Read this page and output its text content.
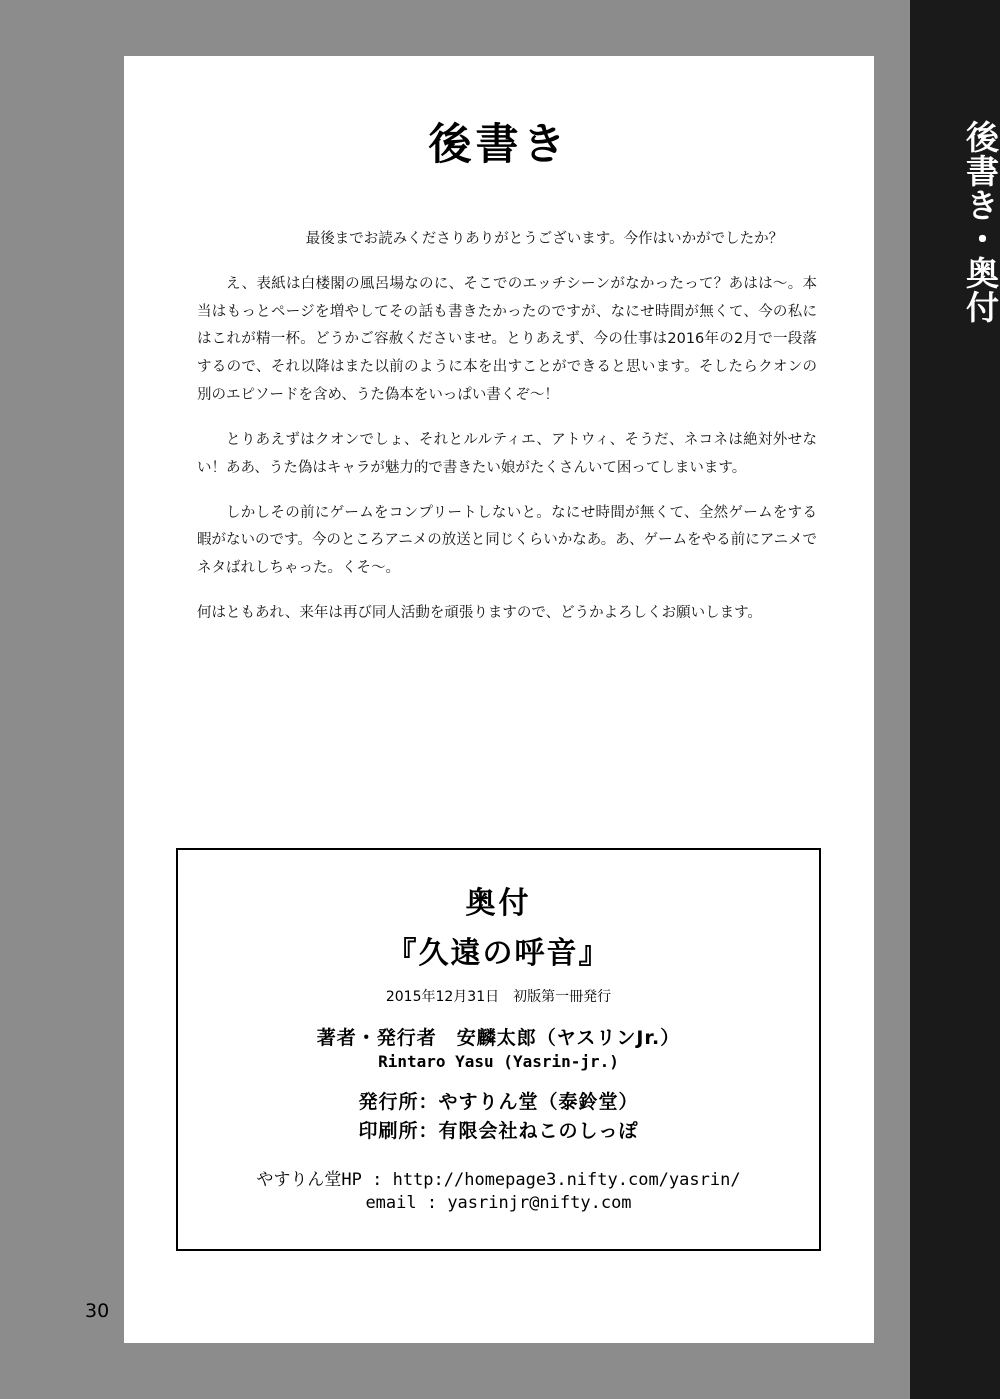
後書き・奥付
後書き

最後までお読みくださりありがとうございます。今作はいかがでしたか？

え、表紙は白楼閣の風呂場なのに、そこでのエッチシーンがなかったって？あはは〜。本当はもっとページを増やしてその話も書きたかったのですが、なにせ時間が無くて、今の私にはこれが精一杯。どうかご容赦くださいませ。とりあえず、今の仕事は2016年の2月で一段落するので、それ以降はまた以前のように本を出すことができると思います。そしたらクオンの別のエピソードを含め、うた偽本をいっぱい書くぞ〜！

とりあえずはクオンでしょ、それとルルティエ、アトウィ、そうだ、ネコネは絶対外せない！ああ、うた偽はキャラが魅力的で書きたい娘がたくさんいて困ってしまいます。

しかしその前にゲームをコンプリートしないと。なにせ時間が無くて、全然ゲームをする暇がないのです。今のところアニメの放送と同じくらいかなあ。あ、ゲームをやる前にアニメでネタばれしちゃった。くそ〜。

何はともあれ、来年は再び同人活動を頑張りますので、どうかよろしくお願いします。

奥付
『久遠の呼音』
2015年12月31日　初版第一冊発行
著者・発行者　安麟太郎（ヤスリンJr.）
Rintaro Yasu (Yasrin-jr.)
発行所：やすりん堂（泰鈴堂）
印刷所：有限会社ねこのしっぽ
やすりん堂HP : http://homepage3.nifty.com/yasrin/
email : yasrinjr@nifty.com
30
